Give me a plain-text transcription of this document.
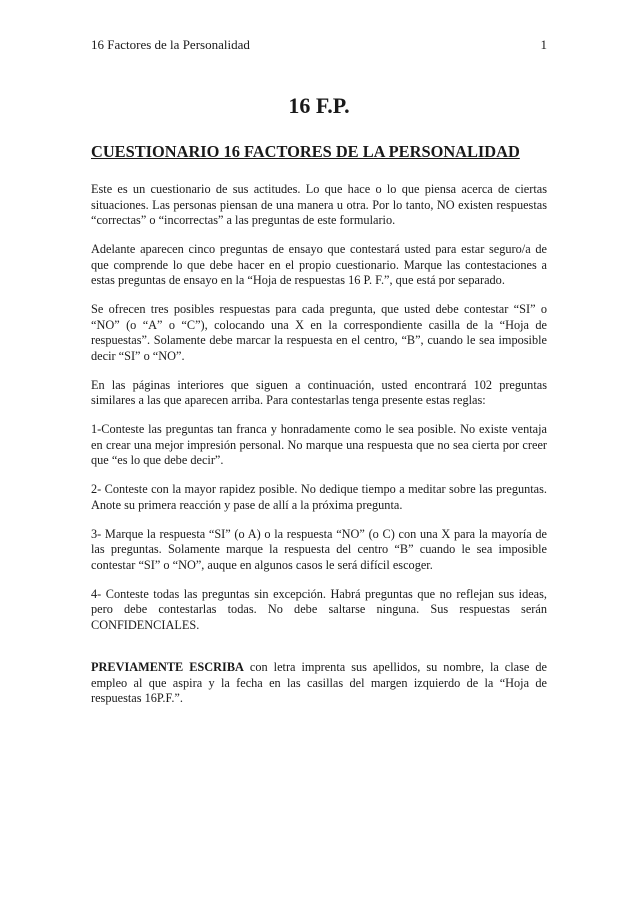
16 Factores de la Personalidad	1
16 F.P.
CUESTIONARIO 16 FACTORES DE LA PERSONALIDAD

Este es un cuestionario de sus actitudes. Lo que hace o lo que piensa acerca de ciertas situaciones. Las personas piensan de una manera u otra. Por lo tanto, NO existen respuestas “correctas” o “incorrectas” a las preguntas de este formulario.

Adelante aparecen cinco preguntas de ensayo que contestará usted para estar seguro/a de que comprende lo que debe hacer en el propio cuestionario. Marque las contestaciones a estas preguntas de ensayo en la “Hoja de respuestas 16 P. F.”, que está por separado.

Se ofrecen tres posibles respuestas para cada pregunta, que usted debe contestar “SI” o “NO” (o “A” o “C”), colocando una X en la correspondiente casilla de la “Hoja de respuestas”. Solamente debe marcar la respuesta en el centro, “B”, cuando le sea imposible decir “SI” o “NO”.

En las páginas interiores que siguen a continuación, usted encontrará 102 preguntas similares a las que aparecen arriba. Para contestarlas tenga presente estas reglas:

1-Conteste las preguntas tan franca y honradamente como le sea posible. No existe ventaja en crear una mejor impresión personal. No marque una respuesta que no sea cierta por creer que “es lo que debe decir”.

2- Conteste con la mayor rapidez posible. No dedique tiempo a meditar sobre las preguntas. Anote su primera reacción y pase de allí a la próxima pregunta.

3- Marque la respuesta “SI” (o A) o la respuesta “NO” (o C) con una X para la mayoría de las preguntas. Solamente marque la respuesta del centro “B” cuando le sea imposible contestar “SI” o “NO”, auque en algunos casos le será difícil escoger.

4- Conteste todas las preguntas sin excepción. Habrá preguntas que no reflejan sus ideas, pero debe contestarlas todas. No debe saltarse ninguna. Sus respuestas serán CONFIDENCIALES.

PREVIAMENTE ESCRIBA con letra imprenta sus apellidos, su nombre, la clase de empleo al que aspira y la fecha en las casillas del margen izquierdo de la “Hoja de respuestas 16P.F.”.
